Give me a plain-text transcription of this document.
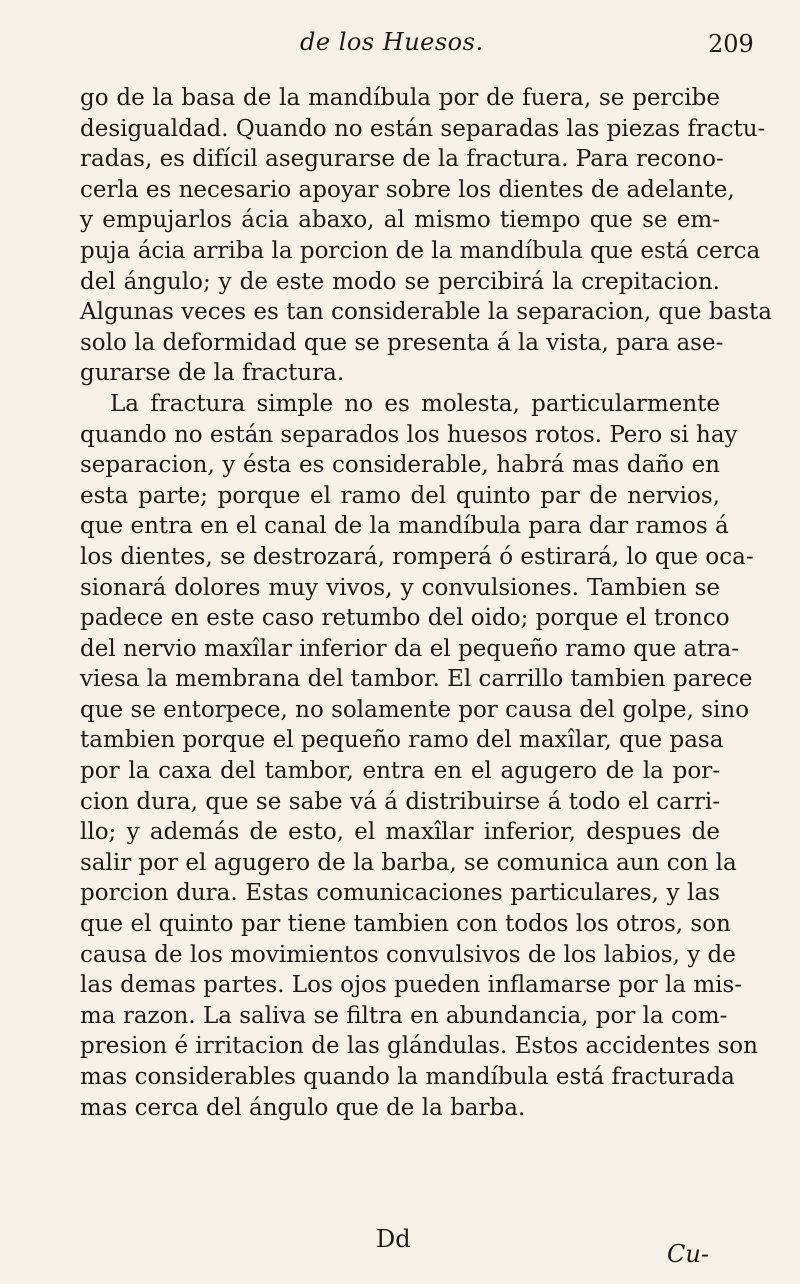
de los Huesos.	209
go de la basa de la mandíbula por de fuera, se percibe
desigualdad. Quando no están separadas las piezas fractu-
radas, es difícil asegurarse de la fractura. Para recono-
cerla es necesario apoyar sobre los dientes de adelante,
y empujarlos ácia abaxo, al mismo tiempo que se em-
puja ácia arriba la porcion de la mandíbula que está cerca
del ángulo; y de este modo se percibirá la crepitacion.
Algunas veces es tan considerable la separacion, que basta
solo la deformidad que se presenta á la vista, para ase-
gurarse de la fractura.
La fractura simple no es molesta, particularmente
quando no están separados los huesos rotos. Pero si hay
separacion, y ésta es considerable, habrá mas daño en
esta parte; porque el ramo del quinto par de nervios,
que entra en el canal de la mandíbula para dar ramos á
los dientes, se destrozará, romperá ó estirará, lo que oca-
sionará dolores muy vivos, y convulsiones. Tambien se
padece en este caso retumbo del oido; porque el tronco
del nervio maxîlar inferior da el pequeño ramo que atra-
viesa la membrana del tambor. El carrillo tambien parece
que se entorpece, no solamente por causa del golpe, sino
tambien porque el pequeño ramo del maxîlar, que pasa
por la caxa del tambor, entra en el agugero de la por-
cion dura, que se sabe vá á distribuirse á todo el carri-
llo; y además de esto, el maxîlar inferior, despues de
salir por el agugero de la barba, se comunica aun con la
porcion dura. Estas comunicaciones particulares, y las
que el quinto par tiene tambien con todos los otros, son
causa de los movimientos convulsivos de los labios, y de
las demas partes. Los ojos pueden inflamarse por la mis-
ma razon. La saliva se filtra en abundancia, por la com-
presion é irritacion de las glándulas. Estos accidentes son
mas considerables quando la mandíbula está fracturada
mas cerca del ángulo que de la barba.
Dd
Cu-
